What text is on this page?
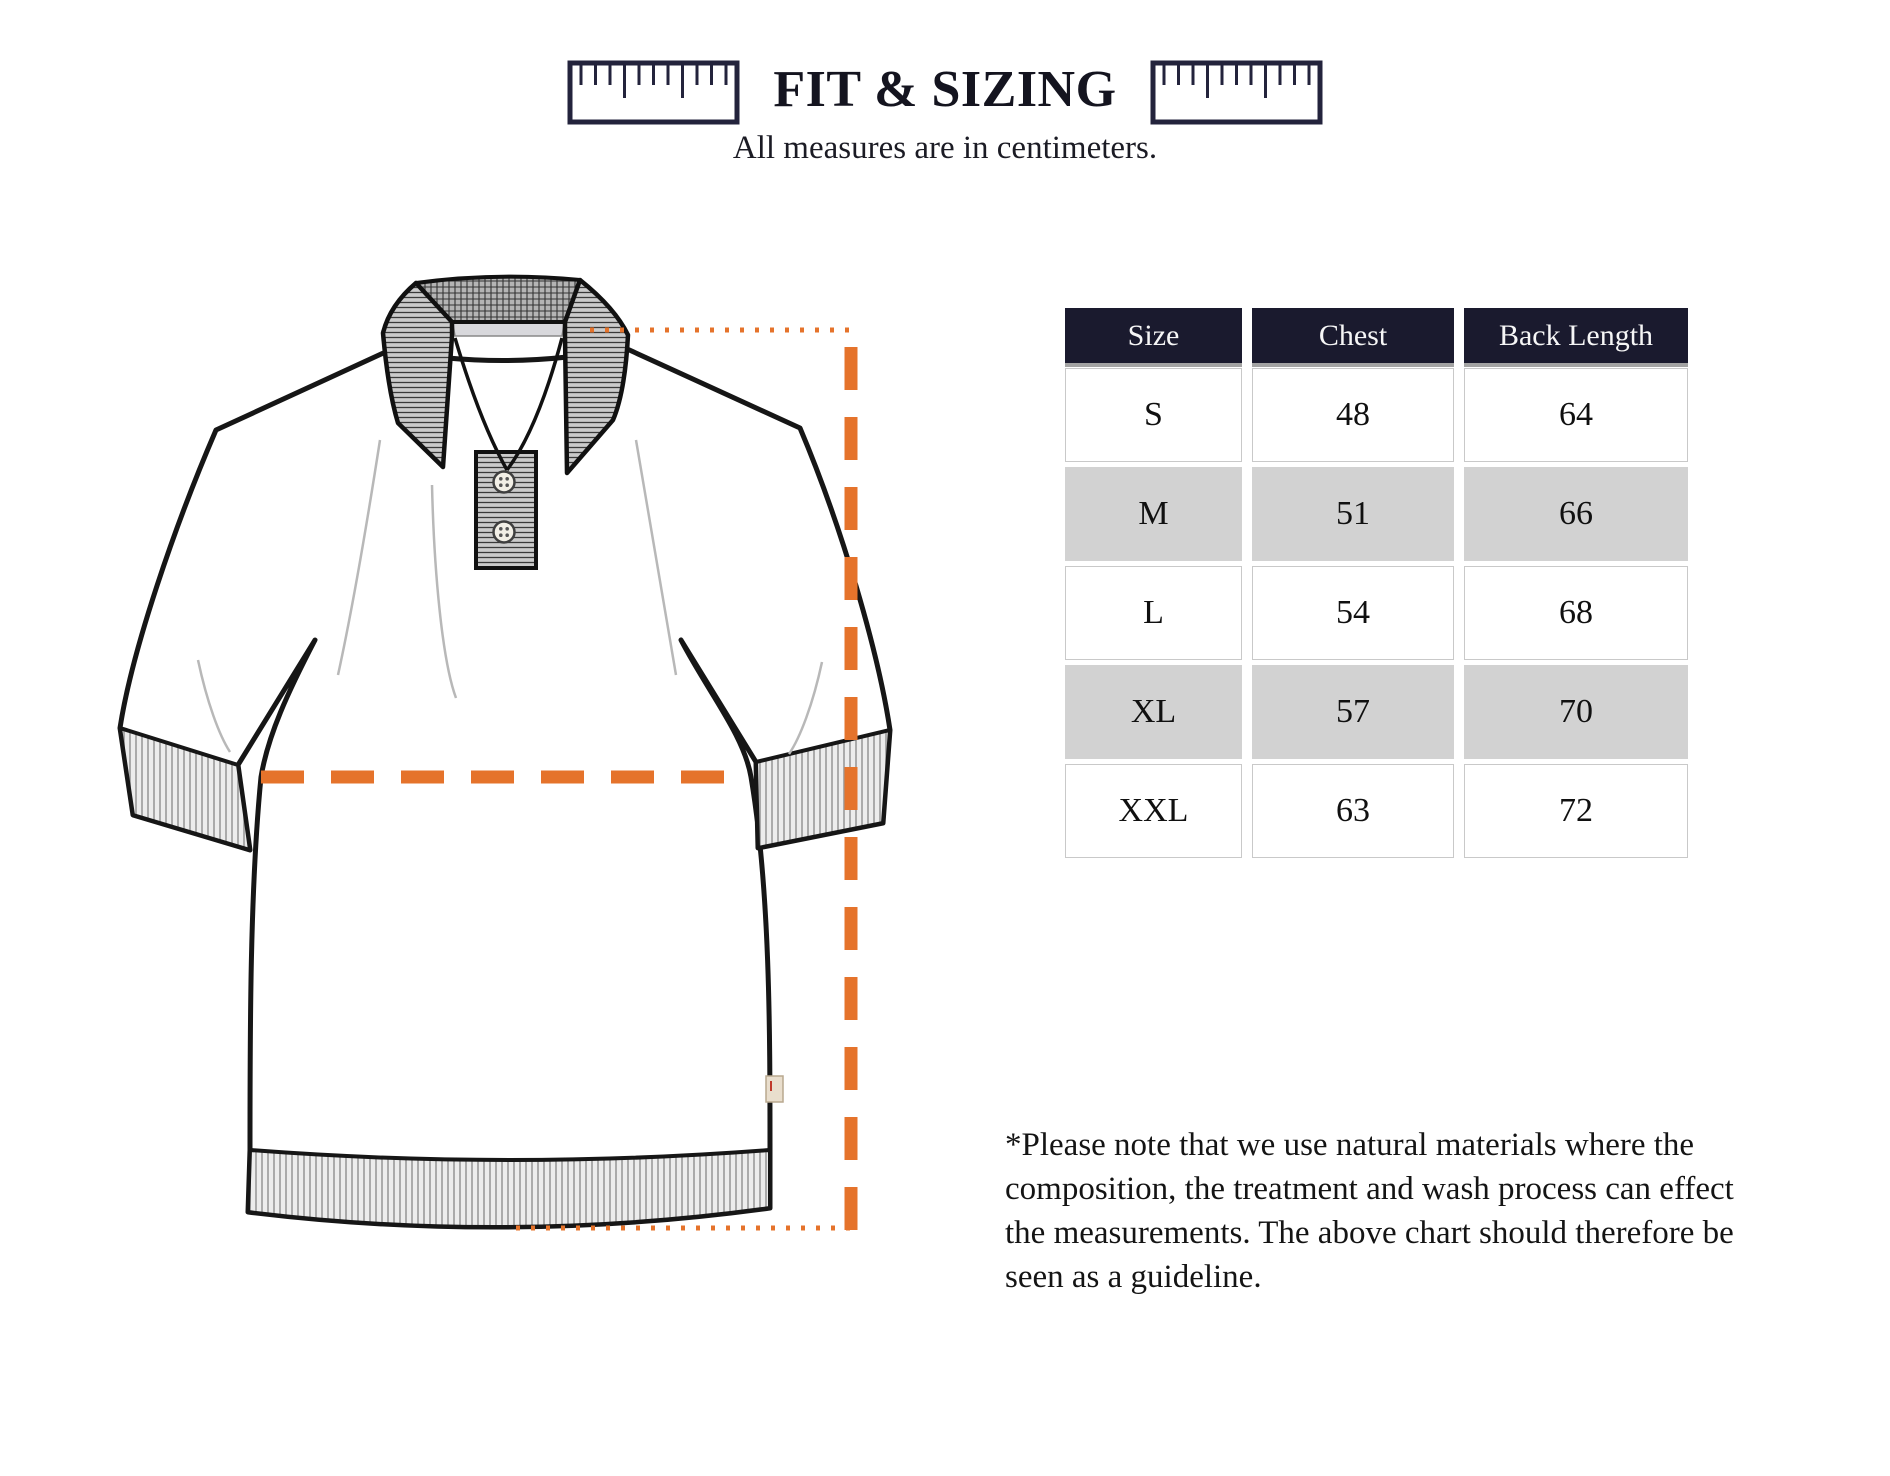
FIT & SIZING

All measures are in centimeters.

Size	Chest	Back Length
S	48	64
M	51	66
L	54	68
XL	57	70
XXL	63	72

*Please note that we use natural materials where the composition, the treatment and wash process can effect the measurements. The above chart should therefore be seen as a guideline.
